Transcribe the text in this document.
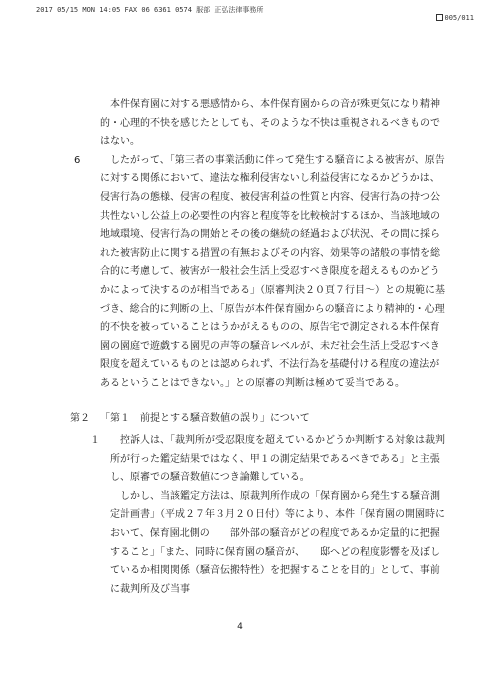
2017 05/15 MON 14:05 FAX 06 6361 0574 服部 正弘法律事務所
005/011

本件保育園に対する悪感情から、本件保育園からの音が殊更気になり精神的・心理的不快を感じたとしても、そのような不快は重視されるべきものではない。

6	したがって、「第三者の事業活動に伴って発生する騒音による被害が、原告に対する関係において、違法な権利侵害ないし利益侵害になるかどうかは、侵害行為の態様、侵害の程度、被侵害利益の性質と内容、侵害行為の持つ公共性ないし公益上の必要性の内容と程度等を比較検討するほか、当該地域の地域環境、侵害行為の開始とその後の継続の経過および状況、その間に採られた被害防止に関する措置の有無およびその内容、効果等の諸般の事情を総合的に考慮して、被害が一般社会生活上受忍すべき限度を超えるものかどうかによって決するのが相当である」（原審判決２０頁７行目～）との規範に基づき、総合的に判断の上、「原告が本件保育園からの騒音により精神的・心理的不快を被っていることはうかがえるものの、原告宅で測定される本件保育園の園庭で遊戯する園児の声等の騒音レベルが、未だ社会生活上受忍すべき限度を超えているものとは認められず、不法行為を基礎付ける程度の違法があるということはできない。」との原審の判断は極めて妥当である。
第２ 「第１　前提とする騒音数値の誤り」について
１	控訴人は、「裁判所が受忍限度を超えているかどうか判断する対象は裁判所が行った鑑定結果ではなく、甲１の測定結果であるべきである」と主張し、原審での騒音数値につき論難している。

しかし、当該鑑定方法は、原裁判所作成の「保育園から発生する騒音測定計画書」（平成２７年３月２０日付）等により、本件「保育園の開園時において、保育園北側の　　部外部の騒音がどの程度であるか定量的に把握すること」「また、同時に保育園の騒音が、　　邸へどの程度影響を及ぼしているか相関関係（騒音伝搬特性）を把握することを目的」として、事前に裁判所及び当事

4
